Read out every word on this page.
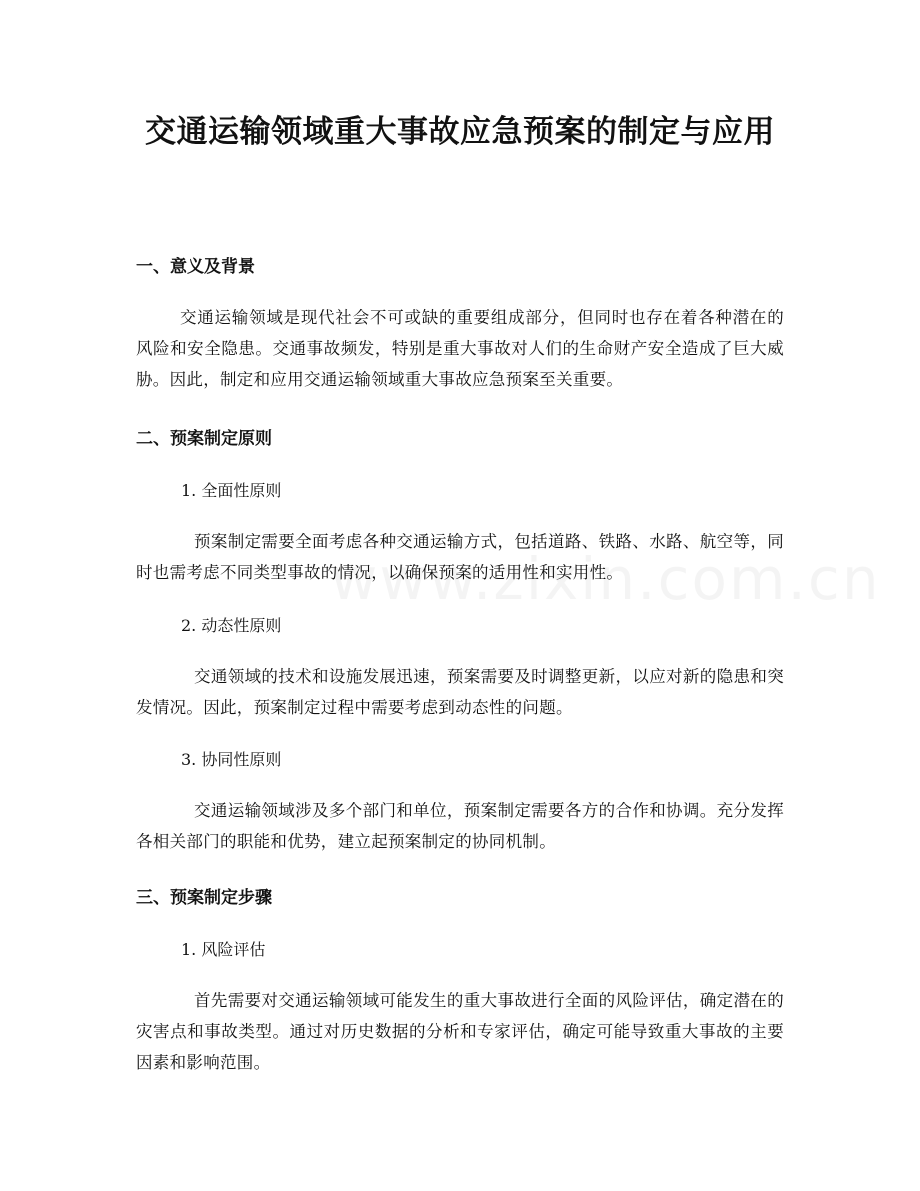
交通运输领域重大事故应急预案的制定与应用
一、意义及背景

交通运输领域是现代社会不可或缺的重要组成部分，但同时也存在着各种潜在的风险和安全隐患。交通事故频发，特别是重大事故对人们的生命财产安全造成了巨大威胁。因此，制定和应用交通运输领域重大事故应急预案至关重要。

二、预案制定原则

1. 全面性原则

预案制定需要全面考虑各种交通运输方式，包括道路、铁路、水路、航空等，同时也需考虑不同类型事故的情况，以确保预案的适用性和实用性。

2. 动态性原则

交通领域的技术和设施发展迅速，预案需要及时调整更新，以应对新的隐患和突发情况。因此，预案制定过程中需要考虑到动态性的问题。

3. 协同性原则

交通运输领域涉及多个部门和单位，预案制定需要各方的合作和协调。充分发挥各相关部门的职能和优势，建立起预案制定的协同机制。

三、预案制定步骤

1. 风险评估

首先需要对交通运输领域可能发生的重大事故进行全面的风险评估，确定潜在的灾害点和事故类型。通过对历史数据的分析和专家评估，确定可能导致重大事故的主要因素和影响范围。
